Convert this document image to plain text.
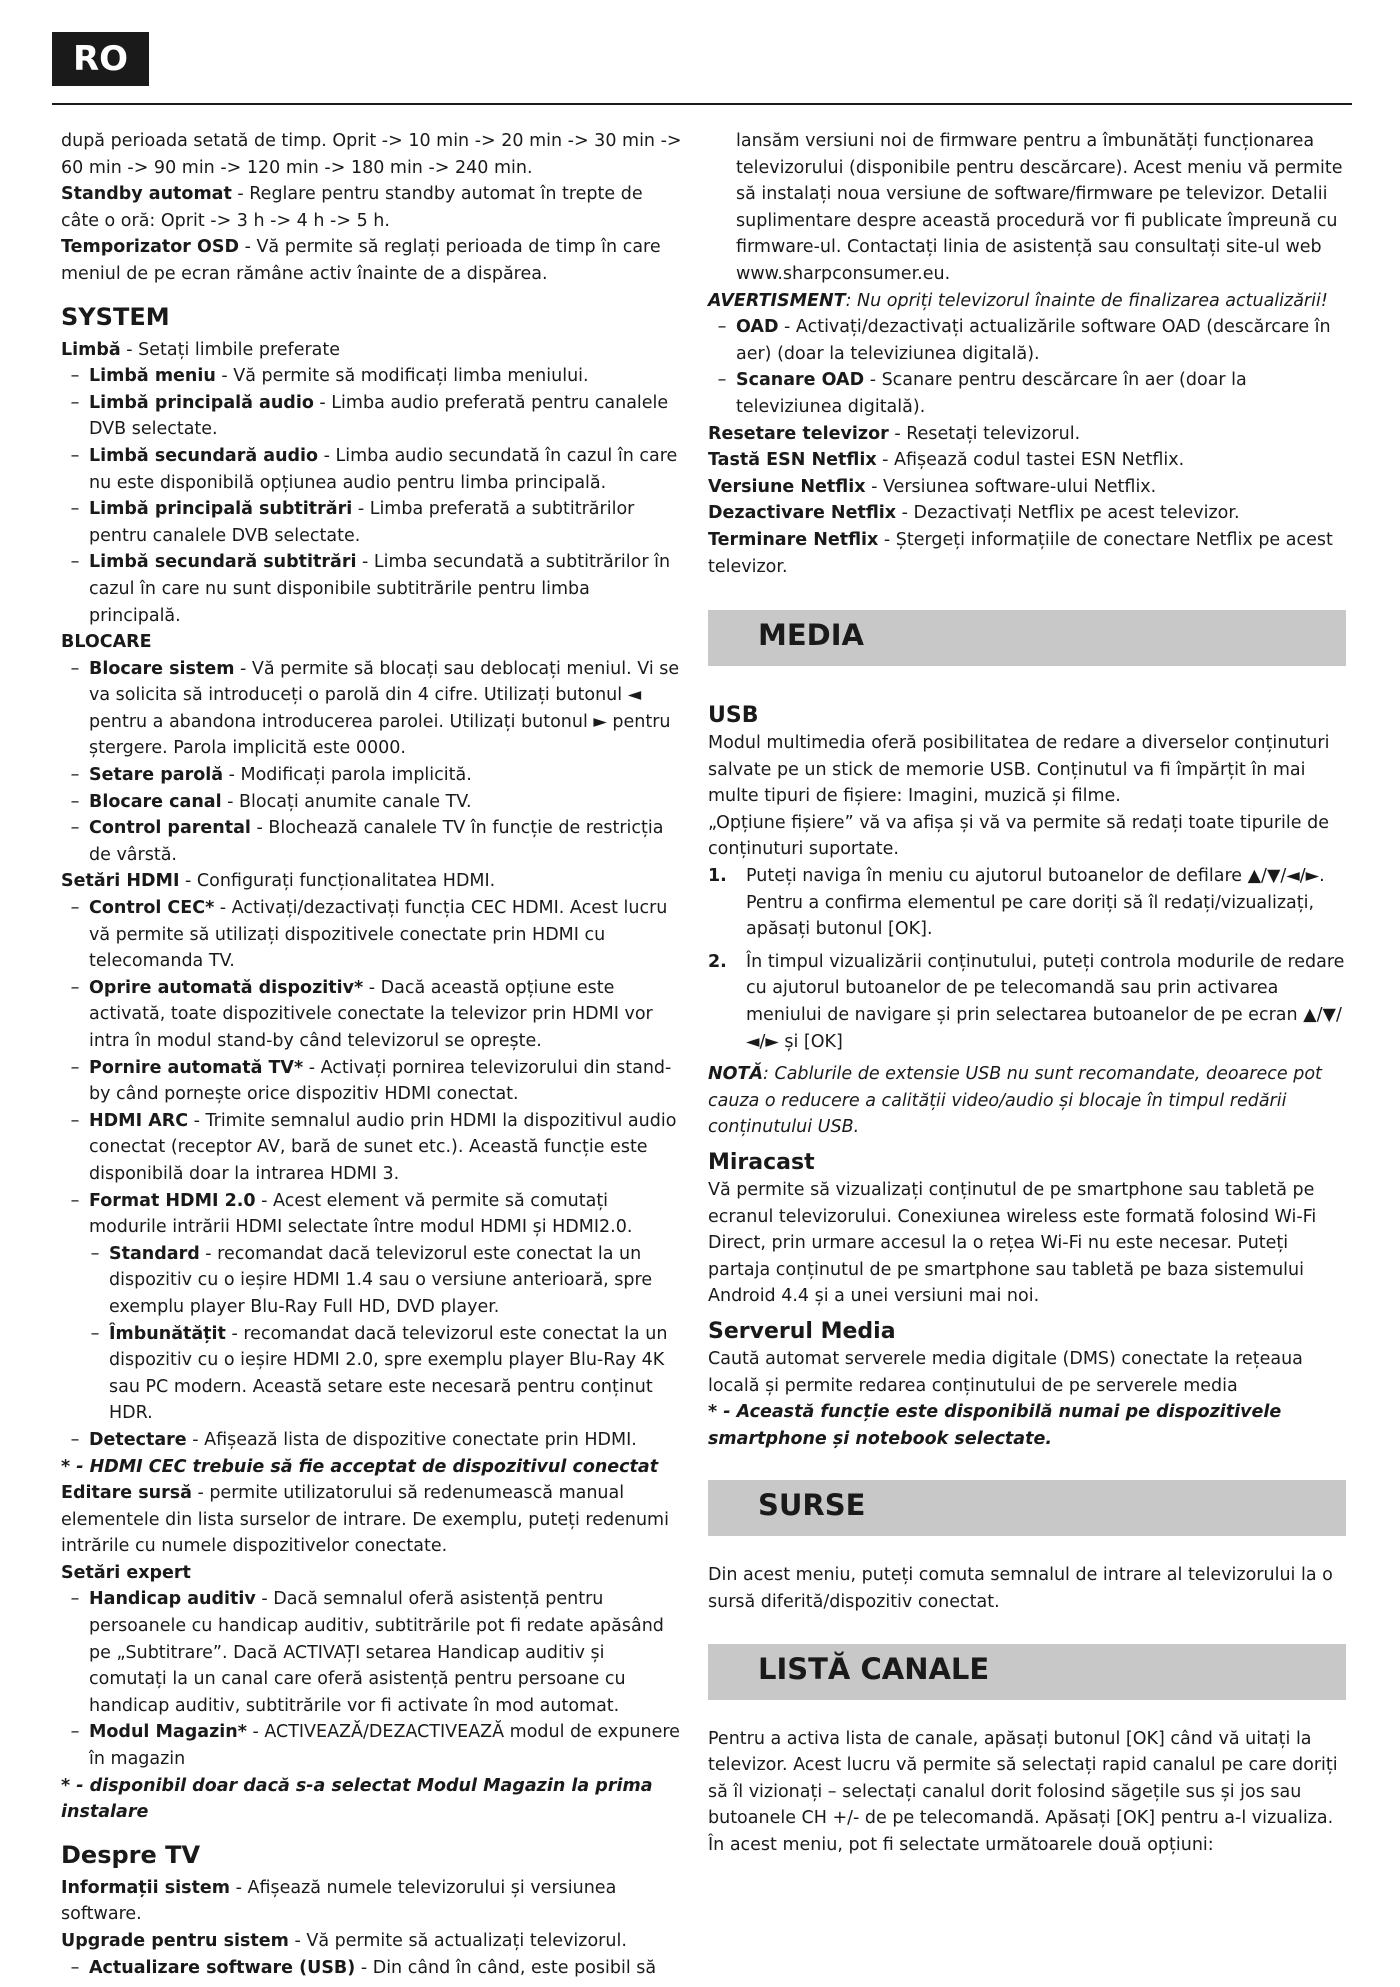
RO

după perioada setată de timp. Oprit -> 10 min -> 20 min -> 30 min -> 60 min -> 90 min -> 120 min -> 180 min -> 240 min.

Standby automat - Reglare pentru standby automat în trepte de câte o oră: Oprit -> 3 h -> 4 h -> 5 h.

Temporizator OSD - Vă permite să reglați perioada de timp în care meniul de pe ecran rămâne activ înainte de a dispărea.

SYSTEM

Limbă - Setați limbile preferate

– Limbă meniu - Vă permite să modificați limba meniului.

– Limbă principală audio - Limba audio preferată pentru canalele DVB selectate.

– Limbă secundară audio - Limba audio secundată în cazul în care nu este disponibilă opțiunea audio pentru limba principală.

– Limbă principală subtitrări - Limba preferată a subtitrărilor pentru canalele DVB selectate.

– Limbă secundară subtitrări - Limba secundată a subtitrărilor în cazul în care nu sunt disponibile subtitrările pentru limba principală.

BLOCARE

– Blocare sistem - Vă permite să blocați sau deblocați meniul. Vi se va solicita să introduceți o parolă din 4 cifre. Utilizați butonul ◄ pentru a abandona introducerea parolei. Utilizați butonul ► pentru ștergere. Parola implicită este 0000.

– Setare parolă - Modificați parola implicită.

– Blocare canal - Blocați anumite canale TV.

– Control parental - Blochează canalele TV în funcție de restricția de vârstă.

Setări HDMI - Configurați funcționalitatea HDMI.

– Control CEC* - Activați/dezactivați funcția CEC HDMI. Acest lucru vă permite să utilizați dispozitivele conectate prin HDMI cu telecomanda TV.

– Oprire automată dispozitiv* - Dacă această opțiune este activată, toate dispozitivele conectate la televizor prin HDMI vor intra în modul stand-by când televizorul se oprește.

– Pornire automată TV* - Activați pornirea televizorului din stand-by când pornește orice dispozitiv HDMI conectat.

– HDMI ARC - Trimite semnalul audio prin HDMI la dispozitivul audio conectat (receptor AV, bară de sunet etc.). Această funcție este disponibilă doar la intrarea HDMI 3.

– Format HDMI 2.0 - Acest element vă permite să comutați modurile intrării HDMI selectate între modul HDMI și HDMI2.0.

– Standard - recomandat dacă televizorul este conectat la un dispozitiv cu o ieșire HDMI 1.4 sau o versiune anterioară, spre exemplu player Blu-Ray Full HD, DVD player.

– Îmbunătățit - recomandat dacă televizorul este conectat la un dispozitiv cu o ieșire HDMI 2.0, spre exemplu player Blu-Ray 4K sau PC modern. Această setare este necesară pentru conținut HDR.

– Detectare - Afișează lista de dispozitive conectate prin HDMI.

* - HDMI CEC trebuie să fie acceptat de dispozitivul conectat

Editare sursă - permite utilizatorului să redenumească manual elementele din lista surselor de intrare. De exemplu, puteți redenumi intrările cu numele dispozitivelor conectate.

Setări expert

– Handicap auditiv - Dacă semnalul oferă asistență pentru persoanele cu handicap auditiv, subtitrările pot fi redate apăsând pe „Subtitrare”. Dacă ACTIVAȚI setarea Handicap auditiv și comutați la un canal care oferă asistență pentru persoane cu handicap auditiv, subtitrările vor fi activate în mod automat.

– Modul Magazin* - ACTIVEAZĂ/DEZACTIVEAZĂ modul de expunere în magazin

* - disponibil doar dacă s-a selectat Modul Magazin la prima instalare

Despre TV

Informații sistem - Afișează numele televizorului și versiunea software.

Upgrade pentru sistem - Vă permite să actualizați televizorul.

– Actualizare software (USB) - Din când în când, este posibil să

lansăm versiuni noi de firmware pentru a îmbunătăți funcționarea televizorului (disponibile pentru descărcare). Acest meniu vă permite să instalați noua versiune de software/firmware pe televizor. Detalii suplimentare despre această procedură vor fi publicate împreună cu firmware-ul. Contactați linia de asistență sau consultați site-ul web www.sharpconsumer.eu.

AVERTISMENT: Nu opriți televizorul înainte de finalizarea actualizării!

– OAD - Activați/dezactivați actualizările software OAD (descărcare în aer) (doar la televiziunea digitală).

– Scanare OAD - Scanare pentru descărcare în aer (doar la televiziunea digitală).

Resetare televizor - Resetați televizorul.

Tastă ESN Netflix - Afișează codul tastei ESN Netflix.

Versiune Netflix - Versiunea software-ului Netflix.

Dezactivare Netflix - Dezactivați Netflix pe acest televizor.

Terminare Netflix - Ștergeți informațiile de conectare Netflix pe acest televizor.

MEDIA
USB

Modul multimedia oferă posibilitatea de redare a diverselor conținuturi salvate pe un stick de memorie USB. Conținutul va fi împărțit în mai multe tipuri de fișiere: Imagini, muzică și filme.

„Opțiune fișiere” vă va afișa și vă va permite să redați toate tipurile de conținuturi suportate.

1.	Puteți naviga în meniu cu ajutorul butoanelor de defilare ▲/▼/◄/►. Pentru a confirma elementul pe care doriți să îl redați/vizualizați, apăsați butonul [OK].
2.	În timpul vizualizării conținutului, puteți controla modurile de redare cu ajutorul butoanelor de pe telecomandă sau prin activarea meniului de navigare și prin selectarea butoanelor de pe ecran ▲/▼/◄/► și [OK]

NOTĂ: Cablurile de extensie USB nu sunt recomandate, deoarece pot cauza o reducere a calității video/audio și blocaje în timpul redării conținutului USB.

Miracast

Vă permite să vizualizați conținutul de pe smartphone sau tabletă pe ecranul televizorului. Conexiunea wireless este formată folosind Wi-Fi Direct, prin urmare accesul la o rețea Wi-Fi nu este necesar. Puteți partaja conținutul de pe smartphone sau tabletă pe baza sistemului Android 4.4 și a unei versiuni mai noi.

Serverul Media

Caută automat serverele media digitale (DMS) conectate la rețeaua locală și permite redarea conținutului de pe serverele media

* - Această funcție este disponibilă numai pe dispozitivele smartphone și notebook selectate.

SURSE

Din acest meniu, puteți comuta semnalul de intrare al televizorului la o sursă diferită/dispozitiv conectat.

LISTĂ CANALE

Pentru a activa lista de canale, apăsați butonul [OK] când vă uitați la televizor. Acest lucru vă permite să selectați rapid canalul pe care doriți să îl vizionați – selectați canalul dorit folosind săgețile sus și jos sau butoanele CH +/- de pe telecomandă. Apăsați [OK] pentru a-l vizualiza.

În acest meniu, pot fi selectate următoarele două opțiuni:
